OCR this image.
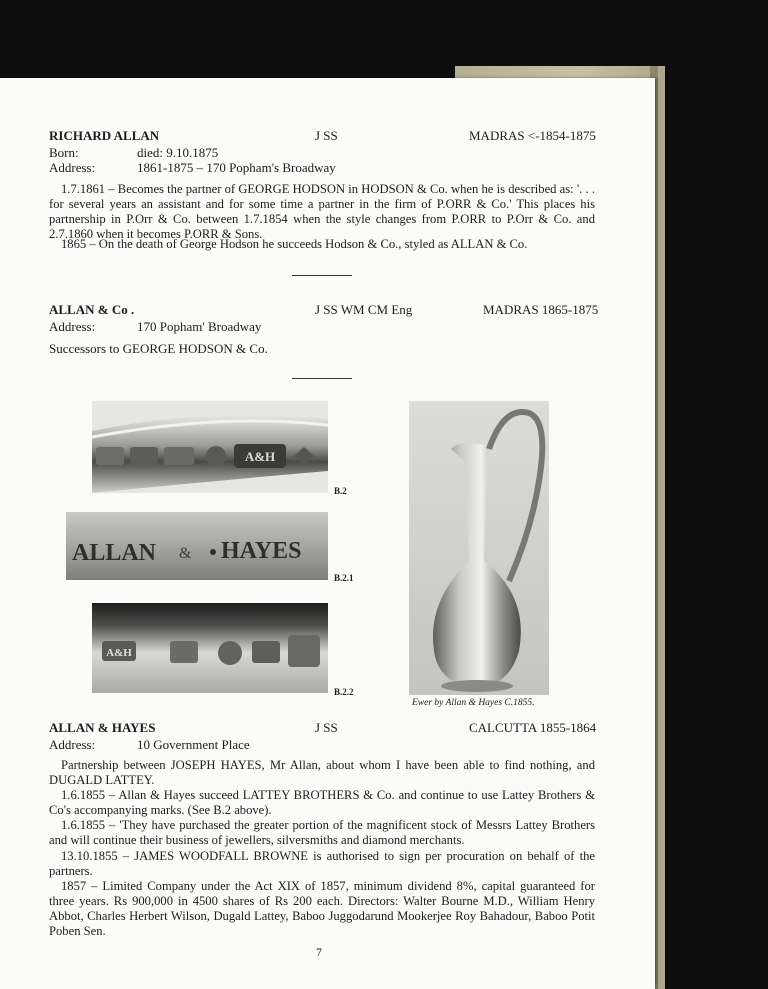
RICHARD ALLAN	J SS	MADRAS <-1854-1875
Born:	died: 9.10.1875
Address:	1861-1875 – 170 Popham's Broadway

1.7.1861 – Becomes the partner of GEORGE HODSON in HODSON & Co. when he is described as: '. . . for several years an assistant and for some time a partner in the firm of P.ORR & Co.' This places his partnership in P.Orr & Co. between 1.7.1854 when the style changes from P.ORR to P.Orr & Co. and 2.7.1860 when it becomes P.ORR & Sons.

1865 – On the death of George Hodson he succeeds Hodson & Co., styled as ALLAN & Co.

ALLAN & Co .	J SS WM CM Eng	MADRAS 1865-1875
Address:	170 Popham' Broadway
Successors to GEORGE HODSON & Co.
A&H
B.2
ALLAN & HAYES
B.2.1
A&H
B.2.2
Ewer by Allan & Hayes C.1855.
ALLAN & HAYES	J SS	CALCUTTA 1855-1864
Address:	10 Government Place

Partnership between JOSEPH HAYES, Mr Allan, about whom I have been able to find nothing, and DUGALD LATTEY.

1.6.1855 – Allan & Hayes succeed LATTEY BROTHERS & Co. and continue to use Lattey Brothers & Co's accompanying marks. (See B.2 above).

1.6.1855 – 'They have purchased the greater portion of the magnificent stock of Messrs Lattey Brothers and will continue their business of jewellers, silversmiths and diamond merchants.

13.10.1855 – JAMES WOODFALL BROWNE is authorised to sign per procuration on behalf of the partners.

1857 – Limited Company under the Act XIX of 1857, minimum dividend 8%, capital guaranteed for three years. Rs 900,000 in 4500 shares of Rs 200 each. Directors: Walter Bourne M.D., William Henry Abbot, Charles Herbert Wilson, Dugald Lattey, Baboo Juggodarund Mookerjee Roy Bahadour, Baboo Potit Poben Sen.

7
